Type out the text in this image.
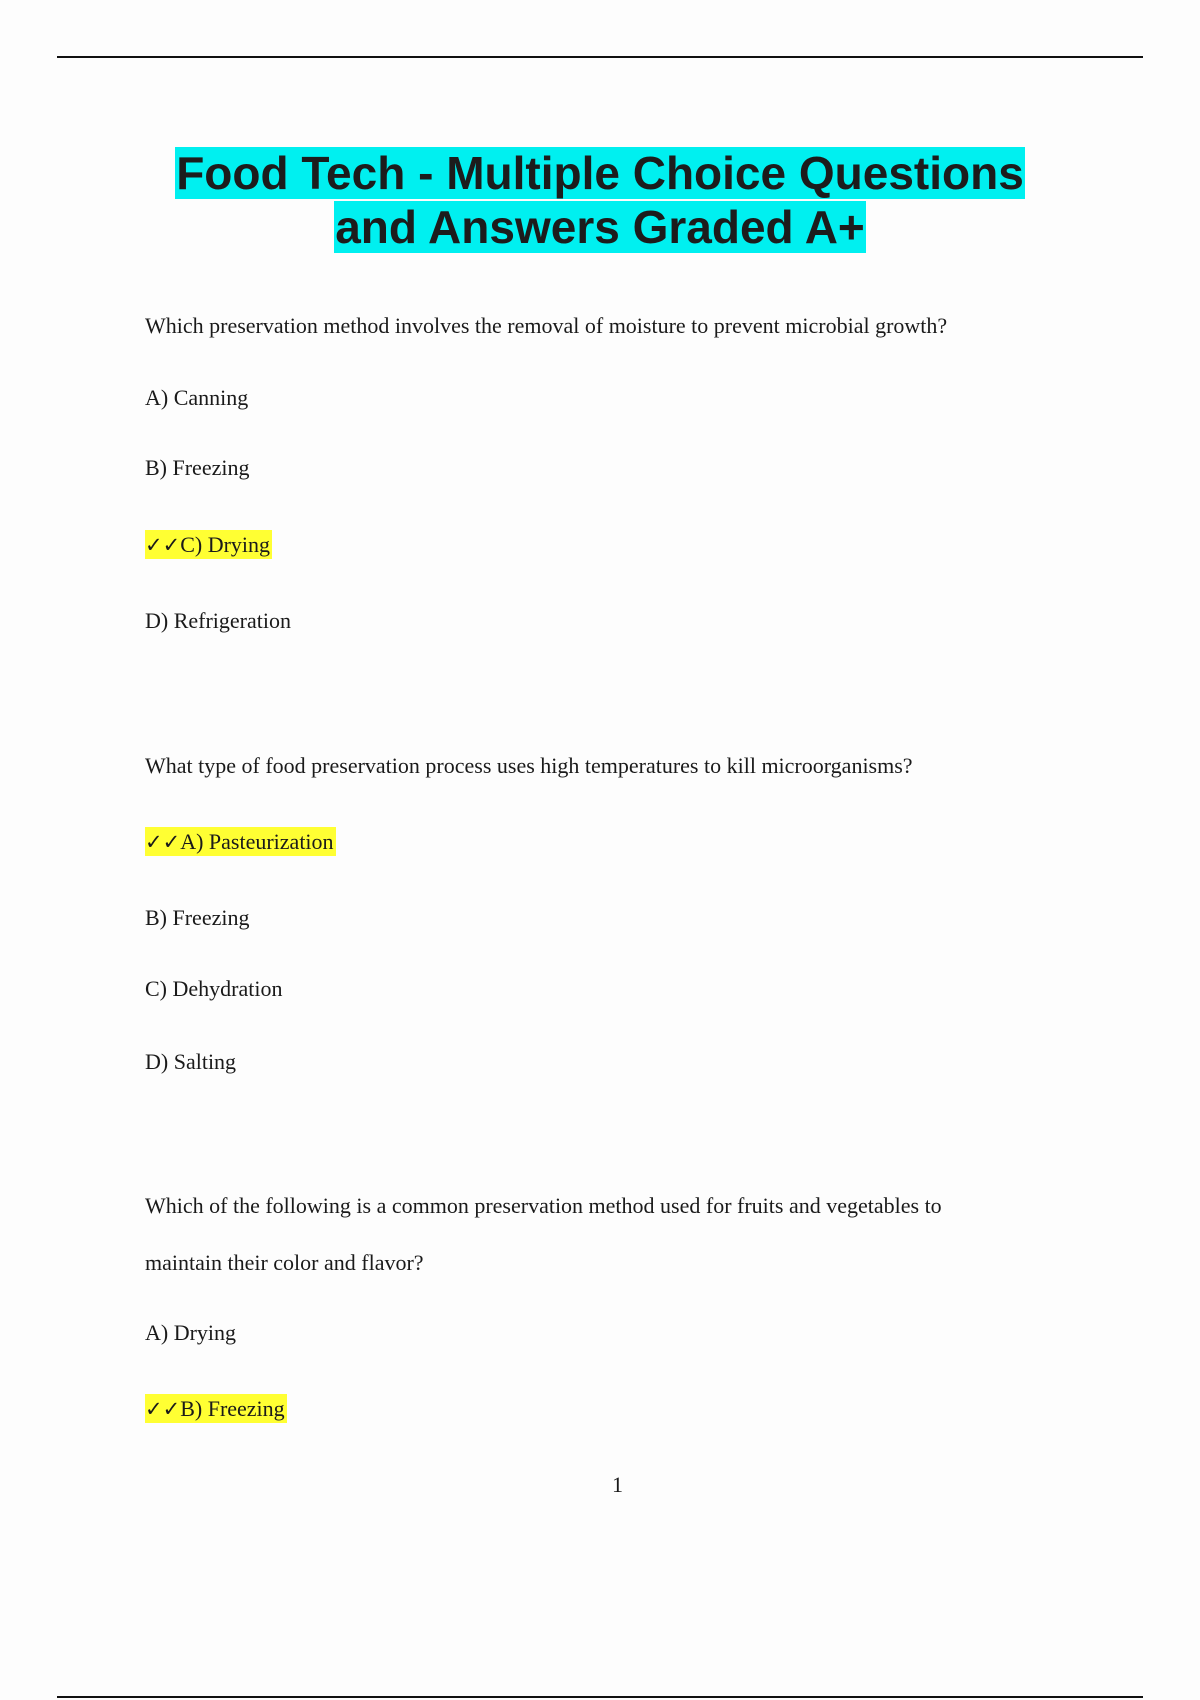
Food Tech - Multiple Choice Questions
and Answers Graded A+
Which preservation method involves the removal of moisture to prevent microbial growth?
A) Canning
B) Freezing
✓✓C) Drying
D) Refrigeration
What type of food preservation process uses high temperatures to kill microorganisms?
✓✓A) Pasteurization
B) Freezing
C) Dehydration
D) Salting
Which of the following is a common preservation method used for fruits and vegetables to
maintain their color and flavor?
A) Drying
✓✓B) Freezing
1
